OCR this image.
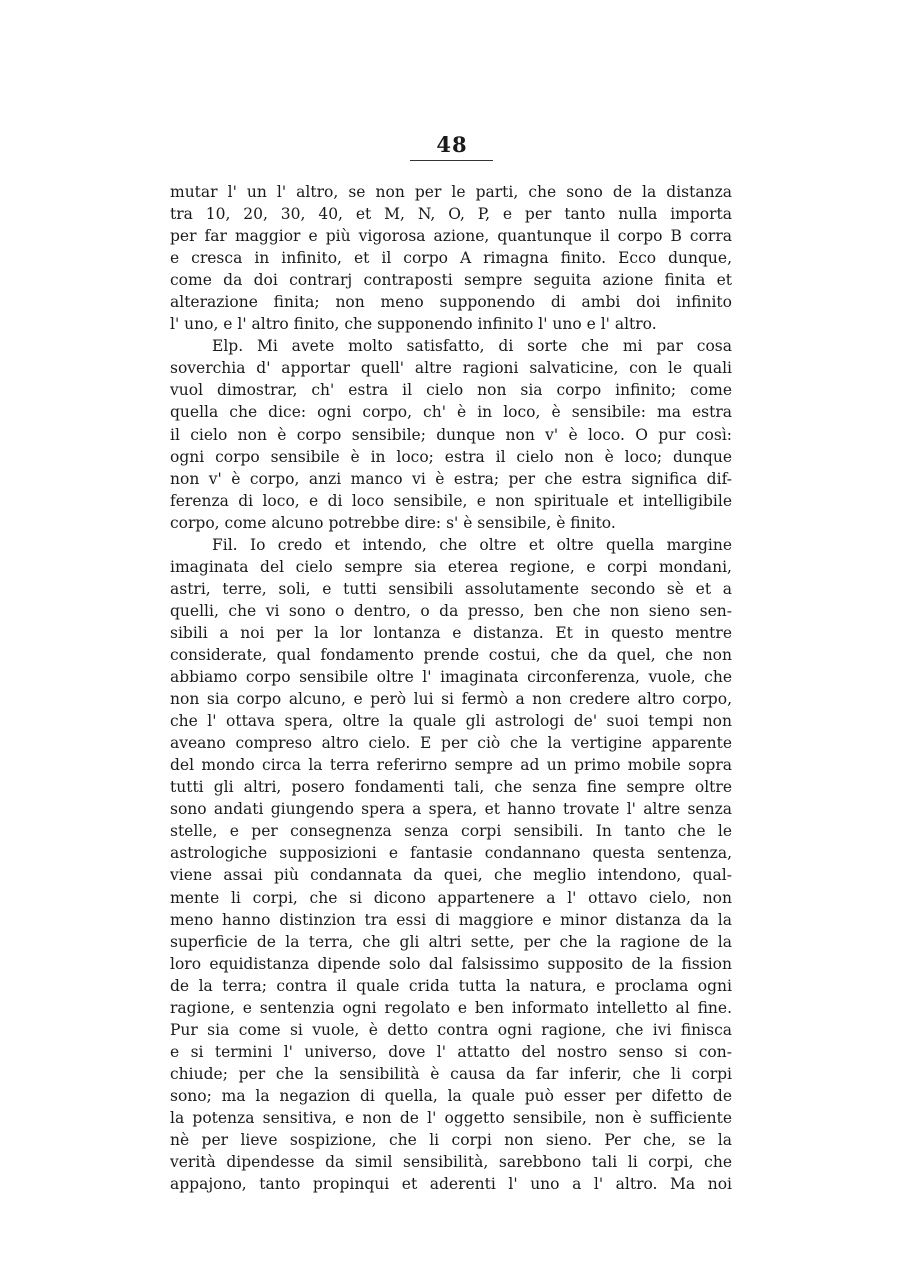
48
mutar l' un l' altro, se non per le parti, che sono de la distanza
tra 10, 20, 30, 40, et M, N, O, P, e per tanto nulla importa
per far maggior e più vigorosa azione, quantunque il corpo B corra
e cresca in infinito, et il corpo A rimagna finito. Ecco dunque,
come da doi contrarj contraposti sempre seguita azione finita et
alterazione finita; non meno supponendo di ambi doi infinito
l' uno, e l' altro finito, che supponendo infinito l' uno e l' altro.
Elp. Mi avete molto satisfatto, di sorte che mi par cosa
soverchia d' apportar quell' altre ragioni salvaticine, con le quali
vuol dimostrar, ch' estra il cielo non sia corpo infinito; come
quella che dice: ogni corpo, ch' è in loco, è sensibile: ma estra
il cielo non è corpo sensibile; dunque non v' è loco. O pur così:
ogni corpo sensibile è in loco; estra il cielo non è loco; dunque
non v' è corpo, anzi manco vi è estra; per che estra significa dif-
ferenza di loco, e di loco sensibile, e non spirituale et intelligibile
corpo, come alcuno potrebbe dire: s' è sensibile, è finito.
Fil. Io credo et intendo, che oltre et oltre quella margine
imaginata del cielo sempre sia eterea regione, e corpi mondani,
astri, terre, soli, e tutti sensibili assolutamente secondo sè et a
quelli, che vi sono o dentro, o da presso, ben che non sieno sen-
sibili a noi per la lor lontanza e distanza. Et in questo mentre
considerate, qual fondamento prende costui, che da quel, che non
abbiamo corpo sensibile oltre l' imaginata circonferenza, vuole, che
non sia corpo alcuno, e però lui si fermò a non credere altro corpo,
che l' ottava spera, oltre la quale gli astrologi de' suoi tempi non
aveano compreso altro cielo. E per ciò che la vertigine apparente
del mondo circa la terra referirno sempre ad un primo mobile sopra
tutti gli altri, posero fondamenti tali, che senza fine sempre oltre
sono andati giungendo spera a spera, et hanno trovate l' altre senza
stelle, e per consegnenza senza corpi sensibili. In tanto che le
astrologiche supposizioni e fantasie condannano questa sentenza,
viene assai più condannata da quei, che meglio intendono, qual-
mente li corpi, che si dicono appartenere a l' ottavo cielo, non
meno hanno distinzion tra essi di maggiore e minor distanza da la
superficie de la terra, che gli altri sette, per che la ragione de la
loro equidistanza dipende solo dal falsissimo supposito de la fission
de la terra; contra il quale crida tutta la natura, e proclama ogni
ragione, e sentenzia ogni regolato e ben informato intelletto al fine.
Pur sia come si vuole, è detto contra ogni ragione, che ivi finisca
e si termini l' universo, dove l' attatto del nostro senso si con-
chiude; per che la sensibilità è causa da far inferir, che li corpi
sono; ma la negazion di quella, la quale può esser per difetto de
la potenza sensitiva, e non de l' oggetto sensibile, non è sufficiente
nè per lieve sospizione, che li corpi non sieno. Per che, se la
verità dipendesse da simil sensibilità, sarebbono tali li corpi, che
appajono, tanto propinqui et aderenti l' uno a l' altro. Ma noi
